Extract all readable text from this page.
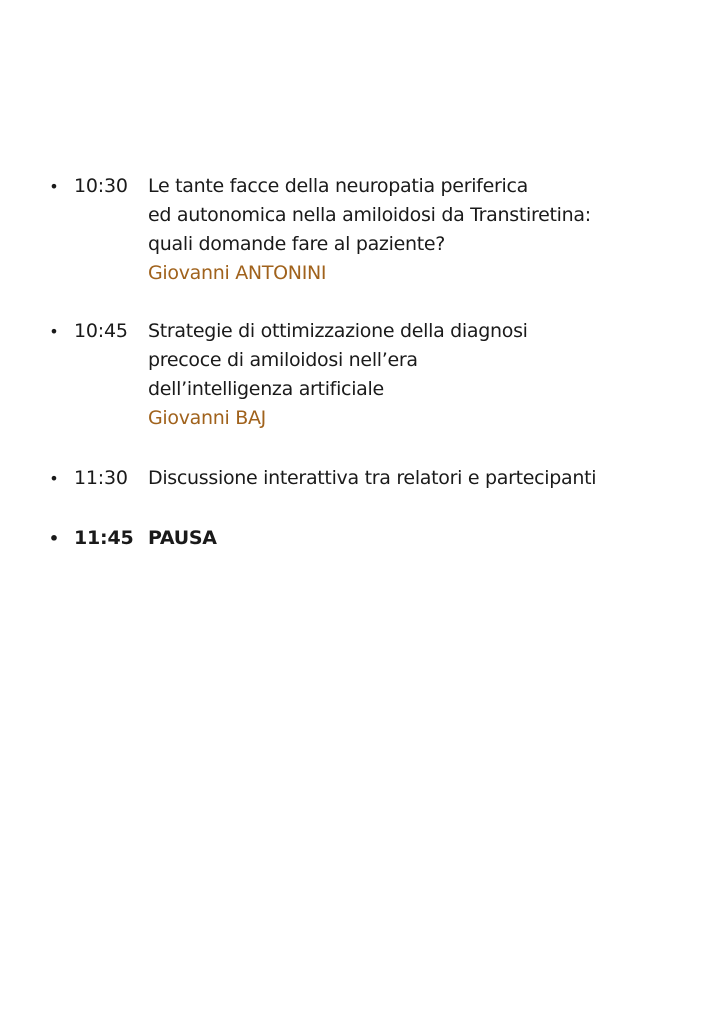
• 10:30 Le tante facce della neuropatia periferica
ed autonomica nella amiloidosi da Transtiretina:
quali domande fare al paziente?
Giovanni ANTONINI
• 10:45 Strategie di ottimizzazione della diagnosi
precoce di amiloidosi nell’era
dell’intelligenza artificiale
Giovanni BAJ
• 11:30 Discussione interattiva tra relatori e partecipanti
• 11:45 PAUSA
